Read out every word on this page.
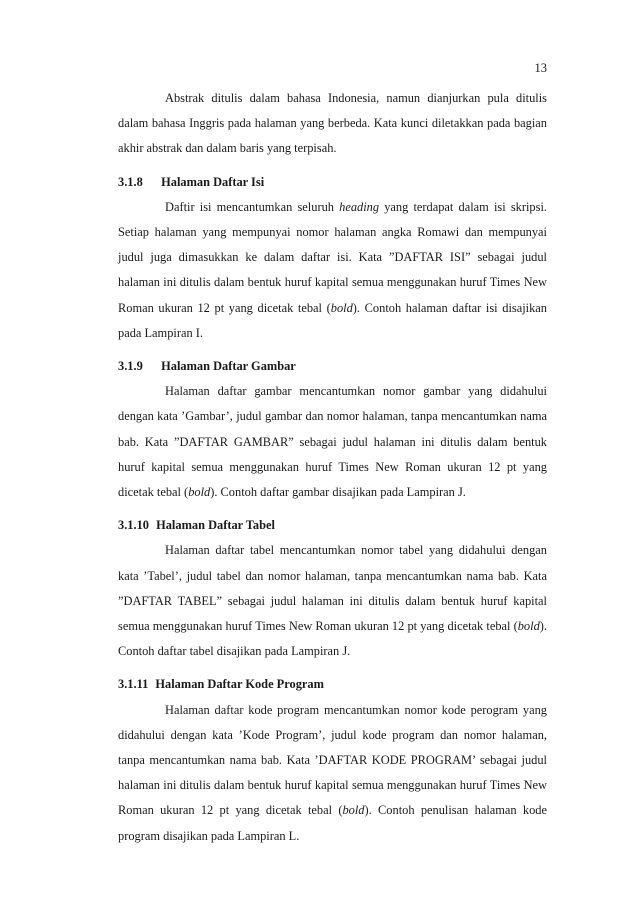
13

Abstrak ditulis dalam bahasa Indonesia, namun dianjurkan pula ditulis dalam bahasa Inggris pada halaman yang berbeda. Kata kunci diletakkan pada bagian akhir abstrak dan dalam baris yang terpisah.

3.1.8 Halaman Daftar Isi

Daftir isi mencantumkan seluruh heading yang terdapat dalam isi skripsi. Setiap halaman yang mempunyai nomor halaman angka Romawi dan mempunyai judul juga dimasukkan ke dalam daftar isi. Kata ”DAFTAR ISI” sebagai judul halaman ini ditulis dalam bentuk huruf kapital semua menggunakan huruf Times New Roman ukuran 12 pt yang dicetak tebal (bold). Contoh halaman daftar isi disajikan pada Lampiran I.

3.1.9 Halaman Daftar Gambar

Halaman daftar gambar mencantumkan nomor gambar yang didahului dengan kata ’Gambar’, judul gambar dan nomor halaman, tanpa mencantumkan nama bab. Kata ”DAFTAR GAMBAR” sebagai judul halaman ini ditulis dalam bentuk huruf kapital semua menggunakan huruf Times New Roman ukuran 12 pt yang dicetak tebal (bold). Contoh daftar gambar disajikan pada Lampiran J.

3.1.10 Halaman Daftar Tabel

Halaman daftar tabel mencantumkan nomor tabel yang didahului dengan kata ’Tabel’, judul tabel dan nomor halaman, tanpa mencantumkan nama bab. Kata ”DAFTAR TABEL” sebagai judul halaman ini ditulis dalam bentuk huruf kapital semua menggunakan huruf Times New Roman ukuran 12 pt yang dicetak tebal (bold). Contoh daftar tabel disajikan pada Lampiran J.

3.1.11 Halaman Daftar Kode Program

Halaman daftar kode program mencantumkan nomor kode perogram yang didahului dengan kata ’Kode Program’, judul kode program dan nomor halaman, tanpa mencantumkan nama bab. Kata ’DAFTAR KODE PROGRAM’ sebagai judul halaman ini ditulis dalam bentuk huruf kapital semua menggunakan huruf Times New Roman ukuran 12 pt yang dicetak tebal (bold). Contoh penulisan halaman kode program disajikan pada Lampiran L.
